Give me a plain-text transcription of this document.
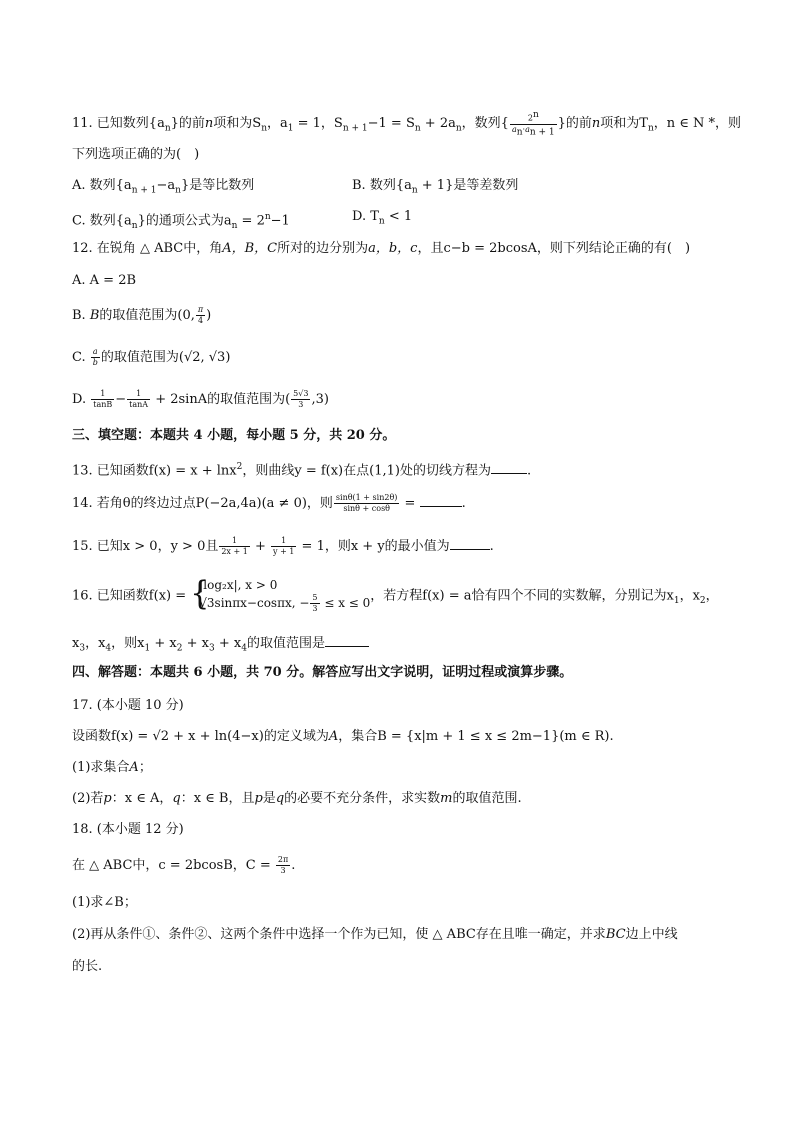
11. 已知数列$\{a_n\}$的前n项和为$S_n$，$a_1 = 1$，$S_{n + 1}-1 = S_n + 2a_n$，数列{ $\frac{2^n}{a_n\cdot a_{n + 1}}$ }的前n项和为$T_n$，n ∈ N *，则
下列选项正确的为(　)
A. 数列$\{a_{n + 1}-a_n\}$是等比数列	B. 数列$\{a_n + 1\}$是等差数列
C. 数列$\{a_n\}$的通项公式为$a_n = 2^n-1$	D. $T_n < 1$
12. 在锐角 △ ABC中，角A，B，C所对的边分别为a，b，c，且c−b = 2bcosA，则下列结论正确的有(　)
A. A = 2B
B. B的取值范围为(0, $\frac{\pi}{4}$ )
C. $\frac{a}{b}$ 的取值范围为(√2, √3)
D. $\frac{1}{\tan B} - \frac{1}{\tan A} + 2\sin A$的取值范围为( $\frac{5√3}{3} ,3$)
三、填空题：本题共 4 小题，每小题 5 分，共 20 分。
13. 已知函数f(x) = x + lnx$^2$，则曲线y = f(x)在点(1,1)处的切线方程为	.
14. 若角θ的终边过点P(−2a,4a)(a ≠ 0)，则 $\frac{\sin\theta(1 + \sin 2\theta)}{\sin\theta + \cos\theta}$ =	.
15. 已知x > 0，y > 0且 $\frac{1}{2x + 1} + \frac{1}{y + 1} = 1$，则x + y的最小值为	.
16. 已知函数f(x) = {
|log₂x|, x > 0
√3sinπx−cosπx, − $\frac{5}{3} \le x \le 0$ ，若方程f(x) = a恰有四个不同的实数解，分别记为$x_1$，$x_2$，
$x_3$，$x_4$，则$x_1 + x_2 + x_3 + x_4$的取值范围是
四、解答题：本题共 6 小题，共 70 分。解答应写出文字说明，证明过程或演算步骤。
17. (本小题 10 分)
设函数f(x) = √2 + x + ln(4−x)的定义域为A，集合B = {x|m + 1 ≤ x ≤ 2m−1}(m ∈ R).
(1)求集合A；
(2)若p：x ∈ A，q：x ∈ B，且p是q的必要不充分条件，求实数m的取值范围.
18. (本小题 12 分)
在 △ ABC中，c = 2bcosB，$C = \frac{2\pi}{3}$ .
(1)求∠B；
(2)再从条件①、条件②、这两个条件中选择一个作为已知，使 △ ABC存在且唯一确定，并求BC边上中线
的长.
